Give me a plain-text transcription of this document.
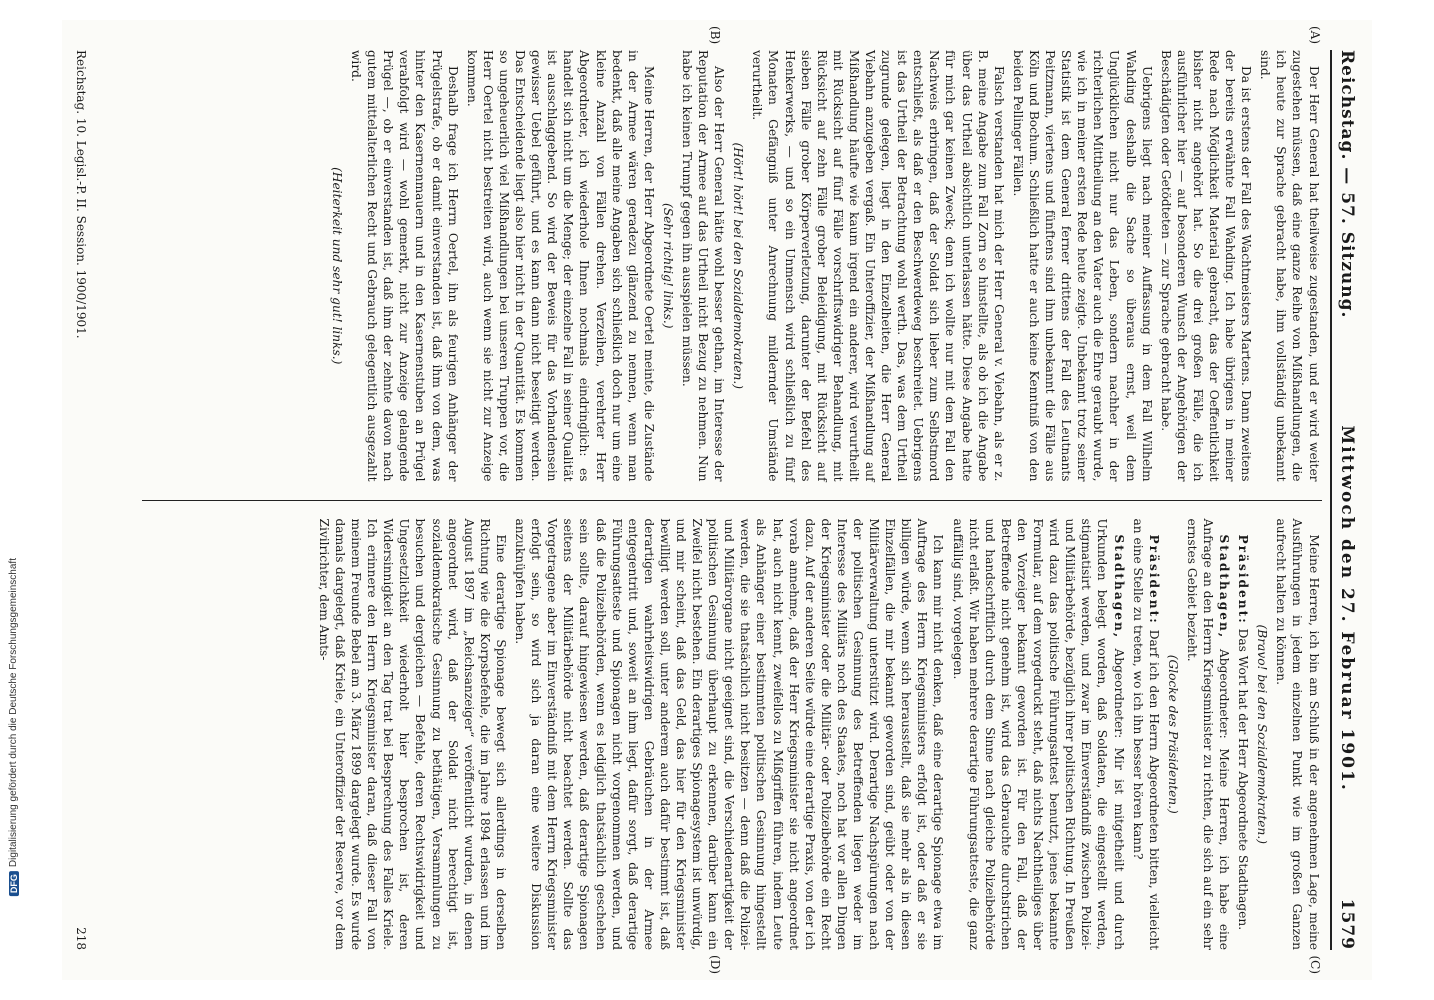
Reichstag. — 57. Sitzung.
Mittwoch den 27. Februar 1901.
1579

Der Herr General hat theilweise zugestanden, und er wird weiter zugestehen müssen, daß eine ganze Reihe von Mißhandlungen, die ich heute zur Sprache gebracht habe, ihm vollständig unbekannt sind.

Da ist erstens der Fall des Wachtmeisters Martens. Dann zweitens der bereits erwähnte Fall Wahding. Ich habe übrigens in meiner Rede nach Möglichkeit Material gebracht, das der Oeffentlichkeit bisher nicht angehört hat. So die drei großen Fälle, die ich ausführlicher hier — auf besonderen Wunsch der Angehörigen der Beschädigten oder Getödteten — zur Sprache gebracht habe.

Uebrigens liegt nach meiner Auffassung in dem Fall Wilhelm Wahding deshalb die Sache so überaus ernst, weil dem Unglücklichen nicht nur das Leben, sondern nachher in der richterlichen Mittheilung an den Vater auch die Ehre geraubt wurde, wie ich in meiner ersten Rede heute zeigte. Unbekannt trotz seiner Statistik ist dem General ferner drittens der Fall des Leutnants Peitzmann, viertens und fünftens sind ihm unbekannt die Fälle aus Köln und Bochum. Schließlich hatte er auch keine Kenntniß von den beiden Pellinger Fällen.

Falsch verstanden hat mich der Herr General v. Viebahn, als er z. B. meine Angabe zum Fall Zorn so hinstellte, als ob ich die Angabe über das Urtheil absichtlich unterlassen hätte. Diese Angabe hatte für mich gar keinen Zweck; denn ich wollte nur mit dem Fall den Nachweis erbringen, daß der Soldat sich lieber zum Selbstmord entschließt, als daß er den Beschwerdeweg beschreitet. Uebrigens ist das Urtheil der Betrachtung wohl werth. Das, was dem Urtheil zugrunde gelegen, liegt in den Einzelheiten, die Herr General Viebahn anzugeben vergaß. Ein Unteroffizier, der Mißhandlung auf Mißhandlung häufte wie kaum irgend ein anderer, wird verurtheilt mit Rücksicht auf fünf Fälle vorschriftswidriger Behandlung, mit Rücksicht auf zehn Fälle grober Beleidigung, mit Rücksicht auf sieben Fälle grober Körperverletzung, darunter der Befehl des Henkerwerks, — und so ein Unmensch wird schließlich zu fünf Monaten Gefängniß unter Anrechnung mildernder Umstände verurtheilt.

(Hört! hört! bei den Sozialdemokraten.)

Also der Herr General hätte wohl besser gethan, im Interesse der Reputation der Armee auf das Urtheil nicht Bezug zu nehmen. Nun habe ich keinen Trumpf gegen ihn ausspielen müssen.

(Sehr richtig! links.)

Meine Herren, der Herr Abgeordnete Oertel meinte, die Zustände in der Armee wären geradezu glänzend zu nennen, wenn man bedenkt, daß alle meine Angaben sich schließlich doch nur um eine kleine Anzahl von Fällen drehen. Verzeihen, verehrter Herr Abgeordneter, ich wiederhole Ihnen nochmals eindringlich: es handelt sich nicht um die Menge; der einzelne Fall in seiner Qualität ist ausschlaggebend. So wird der Beweis für das Vorhandensein gewisser Uebel geführt, und es kann dann nicht beseitigt werden. Das Entscheidende liegt also hier nicht in der Quantität. Es kommen so ungeheuerlich viel Mißhandlungen bei unseren Truppen vor, die Herr Oertel nicht bestreiten wird, auch wenn sie nicht zur Anzeige kommen.

Deshalb frage ich Herrn Oertel, ihn als feurigen Anhänger der Prügelstrafe, ob er damit einverstanden ist, daß ihm von dem, was hinter den Kasernenmauern und in den Kasernenstuben an Prügel verabfolgt wird — wohl gemerkt, nicht zur Anzeige gelangende Prügel —, ob er einverstanden ist, daß ihm der zehnte davon nach gutem mittelalterlichen Recht und Gebrauch gelegentlich ausgezahlt wird.

(Heiterkeit und sehr gut! links.)

Meine Herren, ich bin am Schluß in der angenehmen Lage, meine Ausführungen in jedem einzelnen Punkt wie im großen Ganzen aufrecht halten zu können.

(Bravo! bei den Sozialdemokraten.)

Präsident: Das Wort hat der Herr Abgeordnete Stadthagen.

Stadthagen, Abgeordneter: Meine Herren, ich habe eine Anfrage an den Herrn Kriegsminister zu richten, die sich auf ein sehr ernstes Gebiet bezieht.

(Glocke des Präsidenten.)

Präsident: Darf ich den Herrn Abgeordneten bitten, vielleicht an eine Stelle zu treten, wo ich ihn besser hören kann?

Stadthagen, Abgeordneter: Mir ist mitgetheilt und durch Urkunden belegt worden, daß Soldaten, die eingestellt werden, stigmatisirt werden, und zwar im Einverständniß zwischen Polizei- und Militärbehörde, bezüglich ihrer politischen Richtung. In Preußen wird dazu das politische Führungsattest benutzt, jenes bekannte Formular, auf dem vorgedruckt steht, daß nichts Nachtheiliges über den Vorzeiger bekannt geworden ist. Für den Fall, daß der Betreffende nicht genehm ist, wird das Gebrauchte durchstrichen und handschriftlich durch dem Sinne nach gleiche Polizeibehörde nicht erlaßt. Wir haben mehrere derartige Führungsatteste, die ganz auffällig sind, vorgelegen.

Ich kann mir nicht denken, daß eine derartige Spionage etwa im Auftrage des Herrn Kriegsministers erfolgt ist, oder daß er sie billigen würde, wenn sich herausstellt, daß sie mehr als in diesen Einzelfällen, die mir bekannt geworden sind, geübt oder von der Militärverwaltung unterstützt wird. Derartige Nachspürungen nach der politischen Gesinnung des Betreffenden liegen weder im Interesse des Militärs noch des Staates, noch hat vor allen Dingen der Kriegsminister oder die Militär- oder Polizeibehörde ein Recht dazu. Auf der anderen Seite würde eine derartige Praxis, von der ich vorab annehme, daß der Herr Kriegsminister sie nicht angeordnet hat, auch nicht kennt, zweifellos zu Mißgriffen führen, indem Leute als Anhänger einer bestimmten politischen Gesinnung hingestellt werden, die sie thatsächlich nicht besitzen — denn daß die Polizei- und Militärorgane nicht geeignet sind, die Verschiedenartigkeit der politischen Gesinnung überhaupt zu erkennen, darüber kann ein Zweifel nicht bestehen. Ein derartiges Spionagesystem ist unwürdig, und mir scheint, daß das Geld, das hier für den Kriegsminister bewilligt werden soll, unter anderem auch dafür bestimmt ist, daß derartigen wahrheitswidrigen Gebräuchen in der Armee entgegentritt und, soweit an ihm liegt, dafür sorgt, daß derartige Führungsatteste und Spionagen nicht vorgenommen werden, und daß die Polizeibehörden, wenn es lediglich thatsächlich geschehen sein sollte, darauf hingewiesen werden, daß derartige Spionagen seitens der Militärbehörde nicht beachtet werden. Sollte das Vorgetragene aber im Einverständniß mit dem Herrn Kriegsminister erfolgt sein, so wird sich ja daran eine weitere Diskussion anzuknüpfen haben.

Eine derartige Spionage bewegt sich allerdings in derselben Richtung wie die Korpsbefehle, die im Jahre 1894 erlassen und im August 1897 im „Reichsanzeiger“ veröffentlicht wurden, in denen angeordnet wird, daß der Soldat nicht berechtigt ist, sozialdemokratische Gesinnung zu bethätigen, Versammlungen zu besuchen und dergleichen — Befehle, deren Rechtswidrigkeit und Ungesetzlichkeit wiederholt hier besprochen ist, deren Widersinnigkeit an den Tag trat bei Besprechung des Falles Kriele. Ich erinnere den Herrn Kriegsminister daran, daß dieser Fall von meinem Freunde Bebel am 3. März 1899 dargelegt wurde. Es wurde damals dargelegt, daß Kriele, ein Unteroffizier der Reserve, vor dem Zivilrichter, dem Amts-

(A)
(B)
(C)
(D)
Reichstag. 10. Legisl.-P. II. Session. 1900/1901.
218
DFG
Digitalisierung gefördert durch die Deutsche Forschungsgemeinschaft
